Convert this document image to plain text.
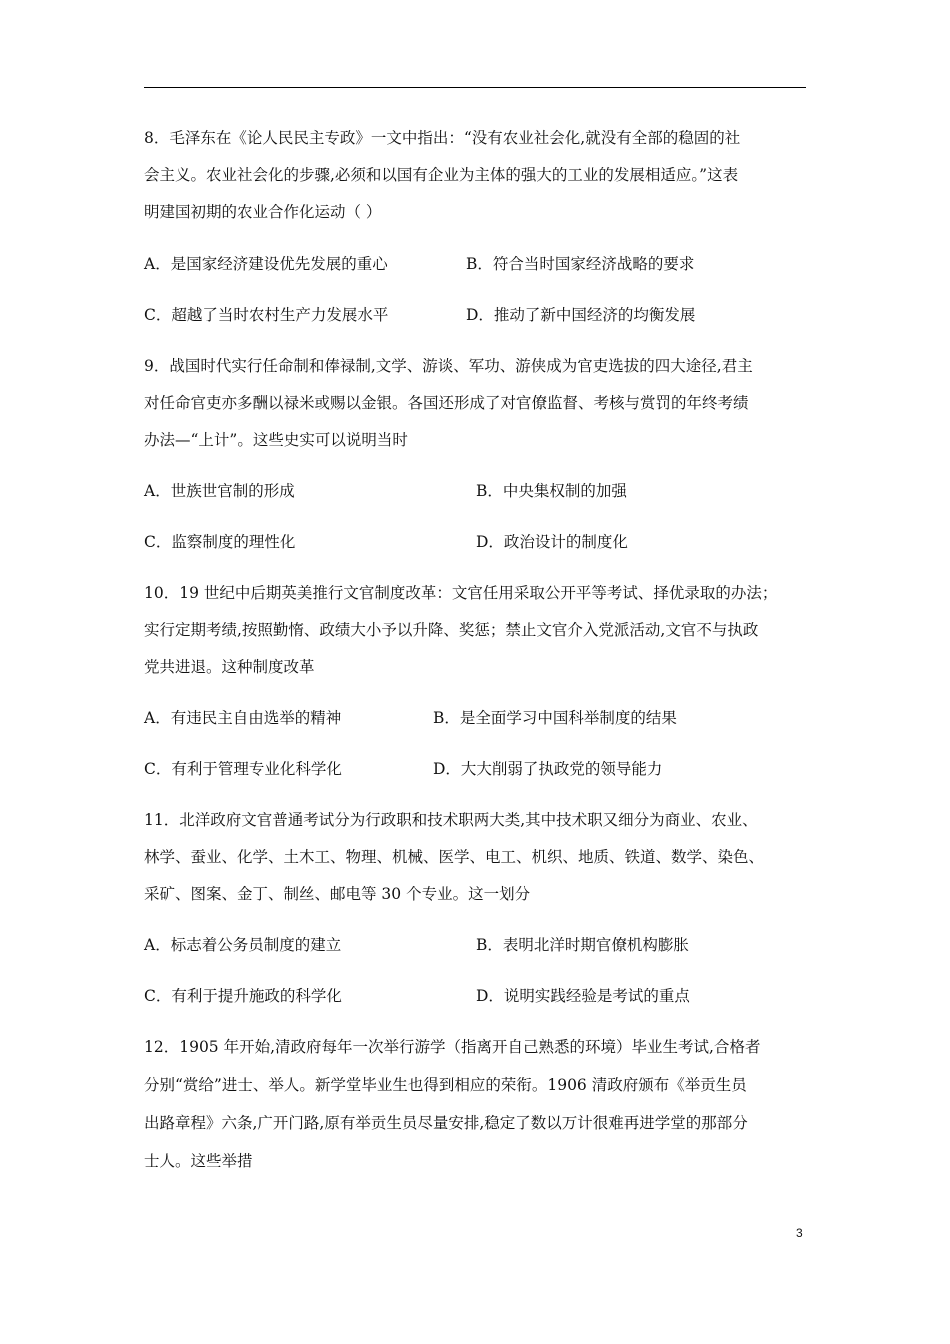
8．毛泽东在《论人民民主专政》一文中指出：“没有农业社会化,就没有全部的稳固的社
会主义。农业社会化的步骤,必须和以国有企业为主体的强大的工业的发展相适应。”这表
明建国初期的农业合作化运动（ ）
A．是国家经济建设优先发展的重心	B．符合当时国家经济战略的要求
C．超越了当时农村生产力发展水平	D．推动了新中国经济的均衡发展
9．战国时代实行任命制和俸禄制,文学、游谈、军功、游侠成为官吏选拔的四大途径,君主
对任命官吏亦多酬以禄米或赐以金银。各国还形成了对官僚监督、考核与赏罚的年终考绩
办法—“上计”。这些史实可以说明当时
A．世族世官制的形成	B．中央集权制的加强
C．监察制度的理性化	D．政治设计的制度化
10．19 世纪中后期英美推行文官制度改革：文官任用采取公开平等考试、择优录取的办法；
实行定期考绩,按照勤惰、政绩大小予以升降、奖惩；禁止文官介入党派活动,文官不与执政
党共进退。这种制度改革
A．有违民主自由选举的精神	B．是全面学习中国科举制度的结果
C．有利于管理专业化科学化	D．大大削弱了执政党的领导能力
11．北洋政府文官普通考试分为行政职和技术职两大类,其中技术职又细分为商业、农业、
林学、蚕业、化学、土木工、物理、机械、医学、电工、机织、地质、铁道、数学、染色、
采矿、图案、金丁、制丝、邮电等 30 个专业。这一划分
A．标志着公务员制度的建立	B．表明北洋时期官僚机构膨胀
C．有利于提升施政的科学化	D．说明实践经验是考试的重点
12．1905 年开始,清政府每年一次举行游学（指离开自己熟悉的环境）毕业生考试,合格者
分别“赏给”进士、举人。新学堂毕业生也得到相应的荣衔。1906 清政府颁布《举贡生员
出路章程》六条,广开门路,原有举贡生员尽量安排,稳定了数以万计很难再进学堂的那部分
士人。这些举措
3
